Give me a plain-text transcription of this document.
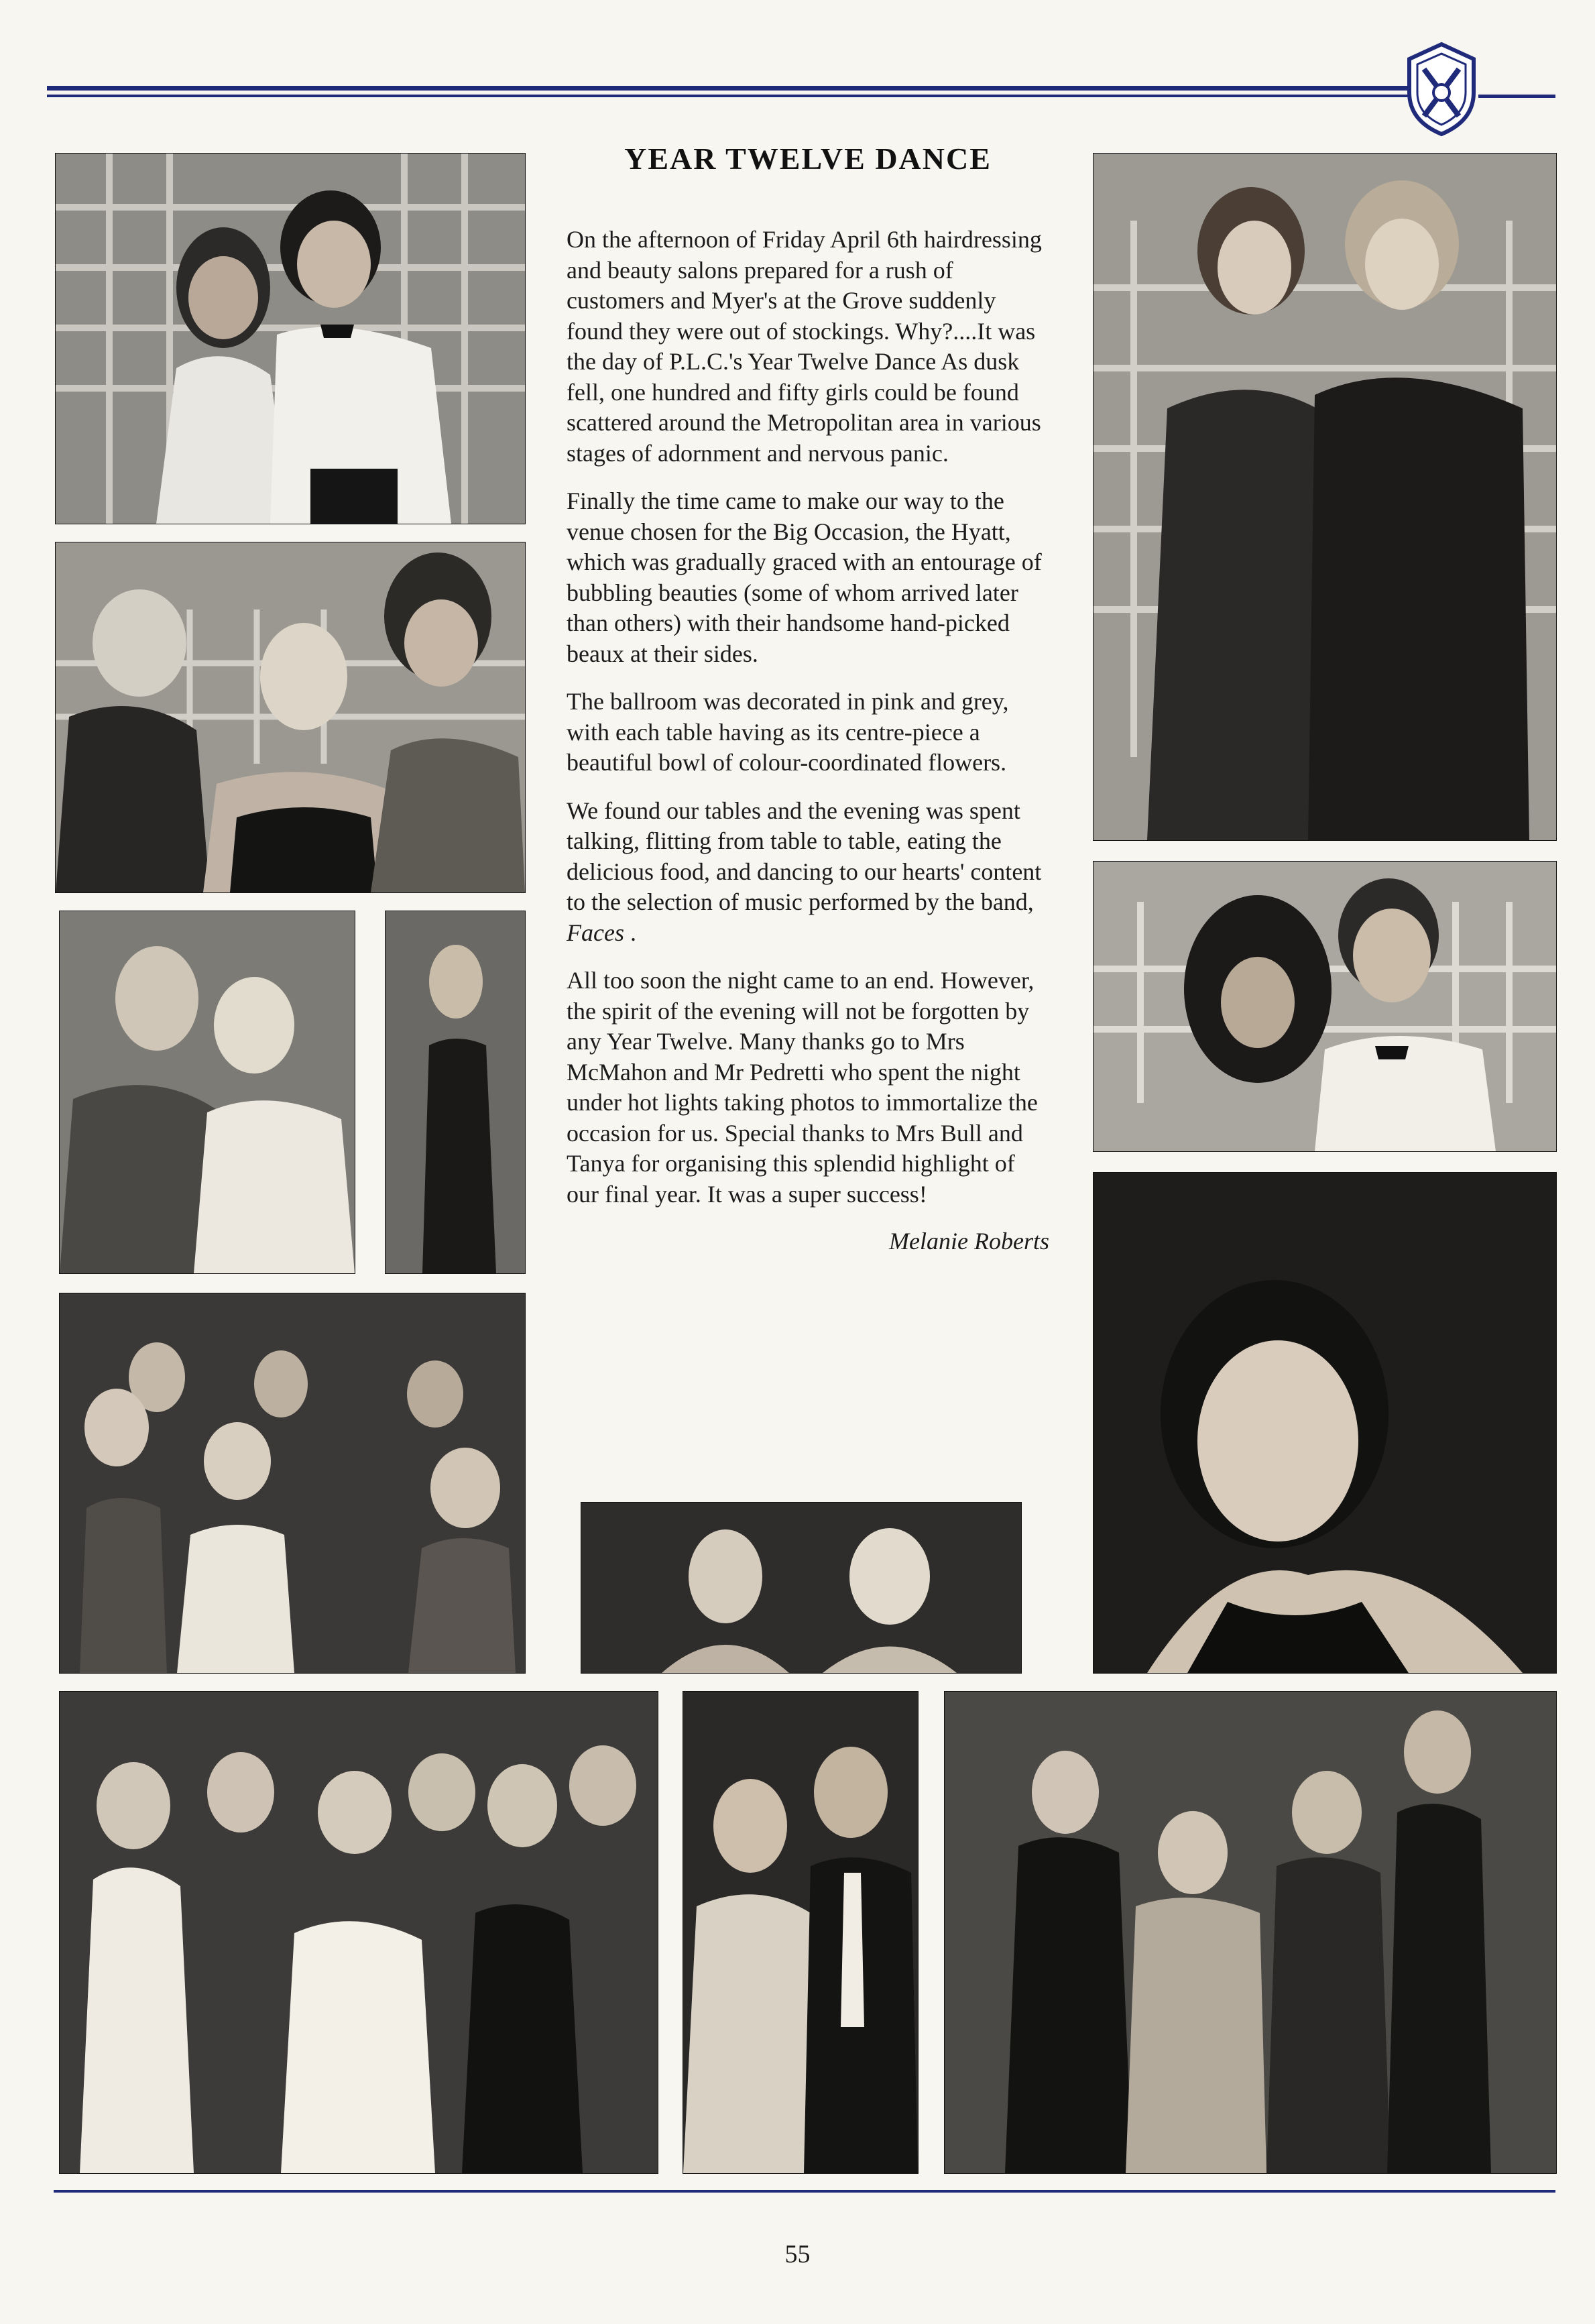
YEAR TWELVE DANCE

On the afternoon of Friday April 6th hairdressing and beauty salons prepared for a rush of customers and Myer's at the Grove suddenly found they were out of stockings. Why?....It was the day of P.L.C.'s Year Twelve Dance As dusk fell, one hundred and fifty girls could be found scattered around the Metropolitan area in various stages of adornment and nervous panic.

Finally the time came to make our way to the venue chosen for the Big Occasion, the Hyatt, which was gradually graced with an entourage of bubbling beauties (some of whom arrived later than others) with their handsome hand-picked beaux at their sides.

The ballroom was decorated in pink and grey, with each table having as its centre-piece a beautiful bowl of colour-coordinated flowers.

We found our tables and the evening was spent talking, flitting from table to table, eating the delicious food, and dancing to our hearts' content to the selection of music performed by the band, Faces .

All too soon the night came to an end. However, the spirit of the evening will not be forgotten by any Year Twelve. Many thanks go to Mrs McMahon and Mr Pedretti who spent the night under hot lights taking photos to immortalize the occasion for us. Special thanks to Mrs Bull and Tanya for organising this splendid highlight of our final year. It was a super success!

Melanie Roberts
55
